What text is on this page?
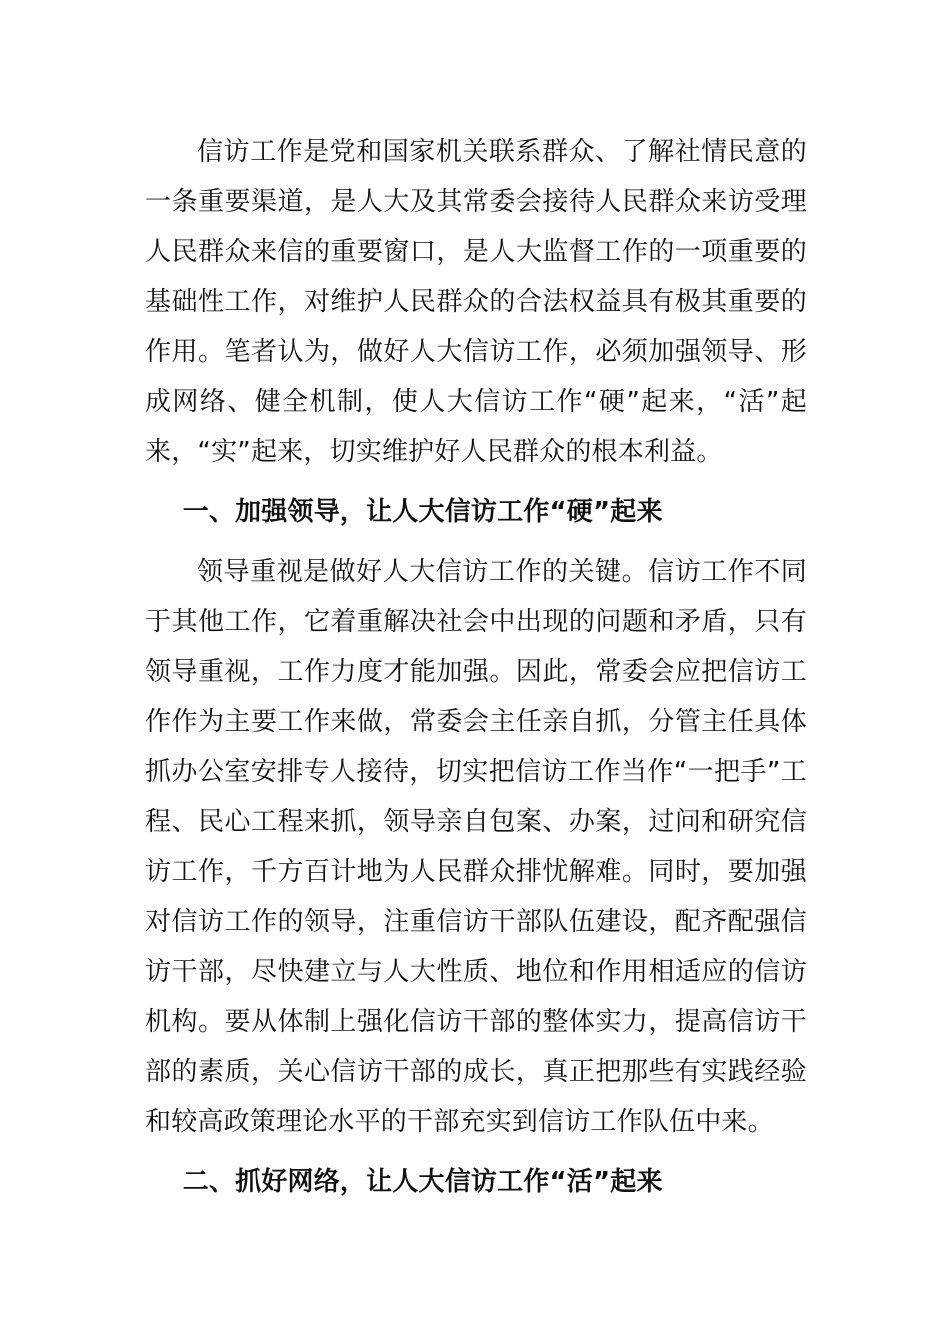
信访工作是党和国家机关联系群众、了解社情民意的一条重要渠道，是人大及其常委会接待人民群众来访受理人民群众来信的重要窗口，是人大监督工作的一项重要的基础性工作，对维护人民群众的合法权益具有极其重要的作用。笔者认为，做好人大信访工作，必须加强领导、形成网络、健全机制，使人大信访工作“硬”起来，“活”起来，“实”起来，切实维护好人民群众的根本利益。

一、加强领导，让人大信访工作“硬”起来

领导重视是做好人大信访工作的关键。信访工作不同于其他工作，它着重解决社会中出现的问题和矛盾，只有领导重视，工作力度才能加强。因此，常委会应把信访工作作为主要工作来做，常委会主任亲自抓，分管主任具体抓办公室安排专人接待，切实把信访工作当作“一把手”工程、民心工程来抓，领导亲自包案、办案，过问和研究信访工作，千方百计地为人民群众排忧解难。同时，要加强对信访工作的领导，注重信访干部队伍建设，配齐配强信访干部，尽快建立与人大性质、地位和作用相适应的信访机构。要从体制上强化信访干部的整体实力，提高信访干部的素质，关心信访干部的成长，真正把那些有实践经验和较高政策理论水平的干部充实到信访工作队伍中来。

二、抓好网络，让人大信访工作“活”起来
